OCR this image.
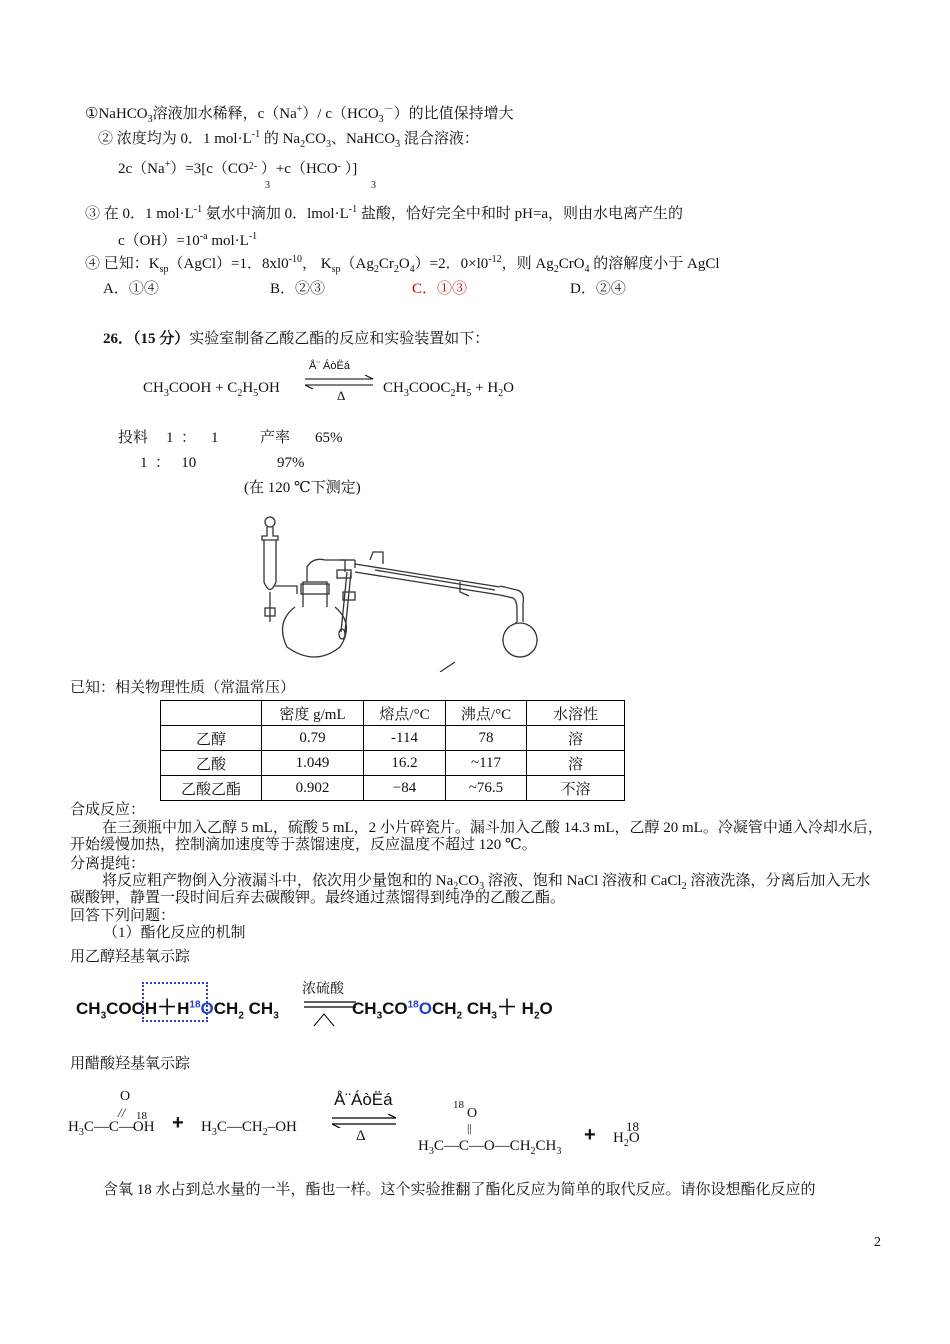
①NaHCO$_3$溶液加水稀释，c（Na+）/ $c(HCO_3^-)$的比值保持增大
② 浓度均为 0．1 $mol\cdot L^{-1}$ 的 $Na_2CO_3$、NaHCO$_3$ 混合溶液：
$2c(Na^+)=3[c(CO^{2-}$ ）+c（HCO- ）]
3	3
③ 在 0．1 $mol\cdot L^{-1}$ 氨水中滴加 0．$lmol\cdot L^{-1}$ 盐酸，恰好完全中和时 pH=a，则由水电离产生的
$c(OH)=10^{-a}$ $mol\cdot L^{-1}$
④ 已知：$K_{sp}(AgCl)=1$．$8xl0^{-10}$， $K_{sp}(Ag_2Cr_2O_4)=2$．$0\times l0^{-12}$，则 $Ag_2CrO_4$ 的溶解度小于 AgCl
A．①④	B．②③	C．①③	D．②④
26．（15 分）实验室制备乙酸乙酯的反应和实验装置如下：
$CH_3COOH + C_2H_5OH$
Å¨ ÁòËá
Δ	$CH_3COOC_2H_5 + H_2O$
投料 1  ：    1	产率 65%
1  ：   10	97%
(在 120 ℃下测定)
已知：相关物理性质（常温常压）
	密度 g/mL	熔点/°C	沸点/°C	水溶性
乙醇	0.79	-114	78	溶
乙酸	1.049	16.2	~117	溶
乙酸乙酯	0.902	−84	~76.5	不溶
合成反应：
在三颈瓶中加入乙醇 5 mL，硫酸 5 mL，2 小片碎瓷片。漏斗加入乙酸 14.3 mL，乙醇 20 mL。冷凝管中通入冷却水后，开始缓慢加热，控制滴加速度等于蒸馏速度，反应温度不超过 120 ℃。
分离提纯：
将反应粗产物倒入分液漏斗中，依次用少量饱和的 $Na_2CO_3$ 溶液、饱和 NaCl 溶液和 CaCl$_2$ 溶液洗涤，分离后加入无水碳酸钾，静置一段时间后弃去碳酸钾。最终通过蒸馏得到纯净的乙酸乙酯。
回答下列问题：
（1）酯化反应的机制
用乙醇羟基氧示踪
$CH_3COOH+H^{18}OCH_2$ $CH_3$
浓硫酸
$CH_3CO^{18}OCH_2$ $CH_3+ H_2O$
用醋酸羟基氧示踪
O
// 18
$H_3C—C—OH$ + $H_3C—CH_2-OH$
Å¨ÁòËá
Δ
18
O
||
$H_3C—C—O—CH_2CH_3$
+ 18
$H_2O$
含氧 18 水占到总水量的一半，酯也一样。这个实验推翻了酯化反应为简单的取代反应。请你设想酯化反应的
2
